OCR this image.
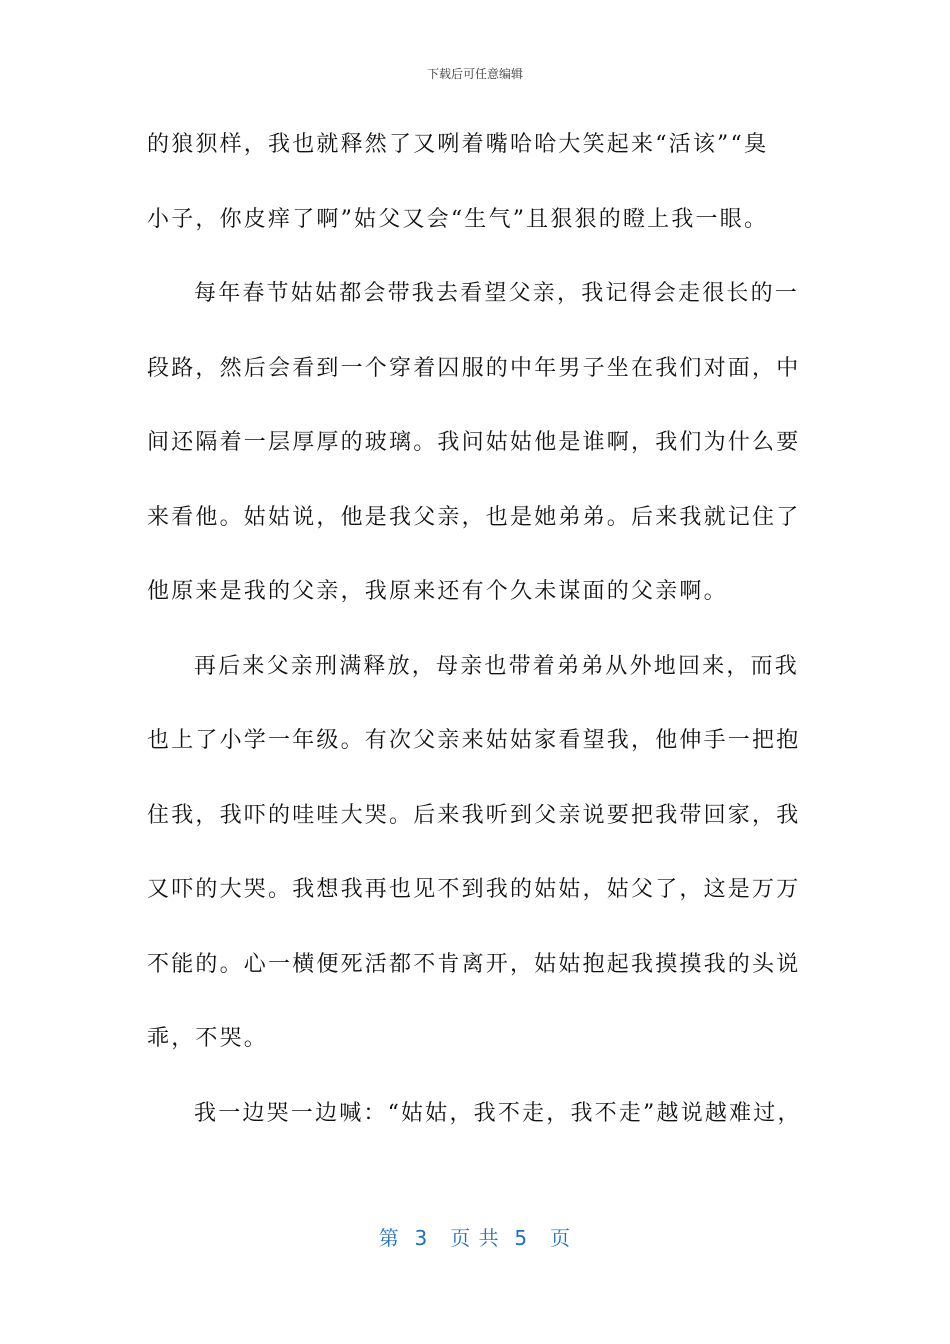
下载后可任意编辑
的狼狈样，我也就释然了又咧着嘴哈哈大笑起来“活该”“臭
小子，你皮痒了啊”姑父又会“生气”且狠狠的瞪上我一眼。
每年春节姑姑都会带我去看望父亲，我记得会走很长的一
段路，然后会看到一个穿着囚服的中年男子坐在我们对面，中
间还隔着一层厚厚的玻璃。我问姑姑他是谁啊，我们为什么要
来看他。姑姑说，他是我父亲，也是她弟弟。后来我就记住了
他原来是我的父亲，我原来还有个久未谋面的父亲啊。
再后来父亲刑满释放，母亲也带着弟弟从外地回来，而我
也上了小学一年级。有次父亲来姑姑家看望我，他伸手一把抱
住我，我吓的哇哇大哭。后来我听到父亲说要把我带回家，我
又吓的大哭。我想我再也见不到我的姑姑，姑父了，这是万万
不能的。心一横便死活都不肯离开，姑姑抱起我摸摸我的头说
乖，不哭。
我一边哭一边喊：“姑姑，我不走，我不走”越说越难过，
第  3   页 共  5   页
